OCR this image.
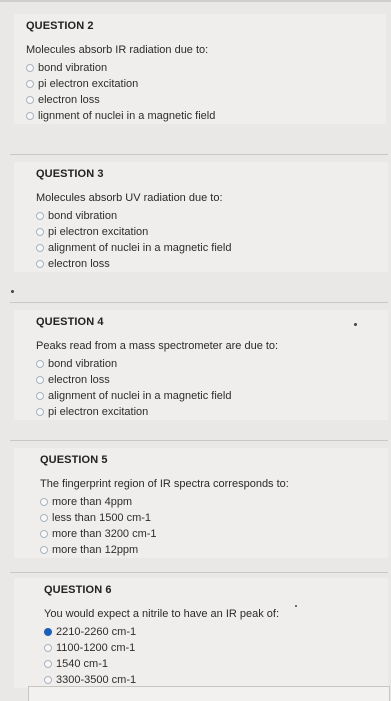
QUESTION 2
Molecules absorb IR radiation due to:
bond vibration
pi electron excitation
electron loss
lignment of nuclei in a magnetic field
QUESTION 3
Molecules absorb UV radiation due to:
bond vibration
pi electron excitation
alignment of nuclei in a magnetic field
electron loss
QUESTION 4
Peaks read from a mass spectrometer are due to:
bond vibration
electron loss
alignment of nuclei in a magnetic field
pi electron excitation
QUESTION 5
The fingerprint region of IR spectra corresponds to:
more than 4ppm
less than 1500 cm-1
more than 3200 cm-1
more than 12ppm
QUESTION 6
You would expect a nitrile to have an IR peak of:
2210-2260 cm-1
1100-1200 cm-1
1540 cm-1
3300-3500 cm-1
